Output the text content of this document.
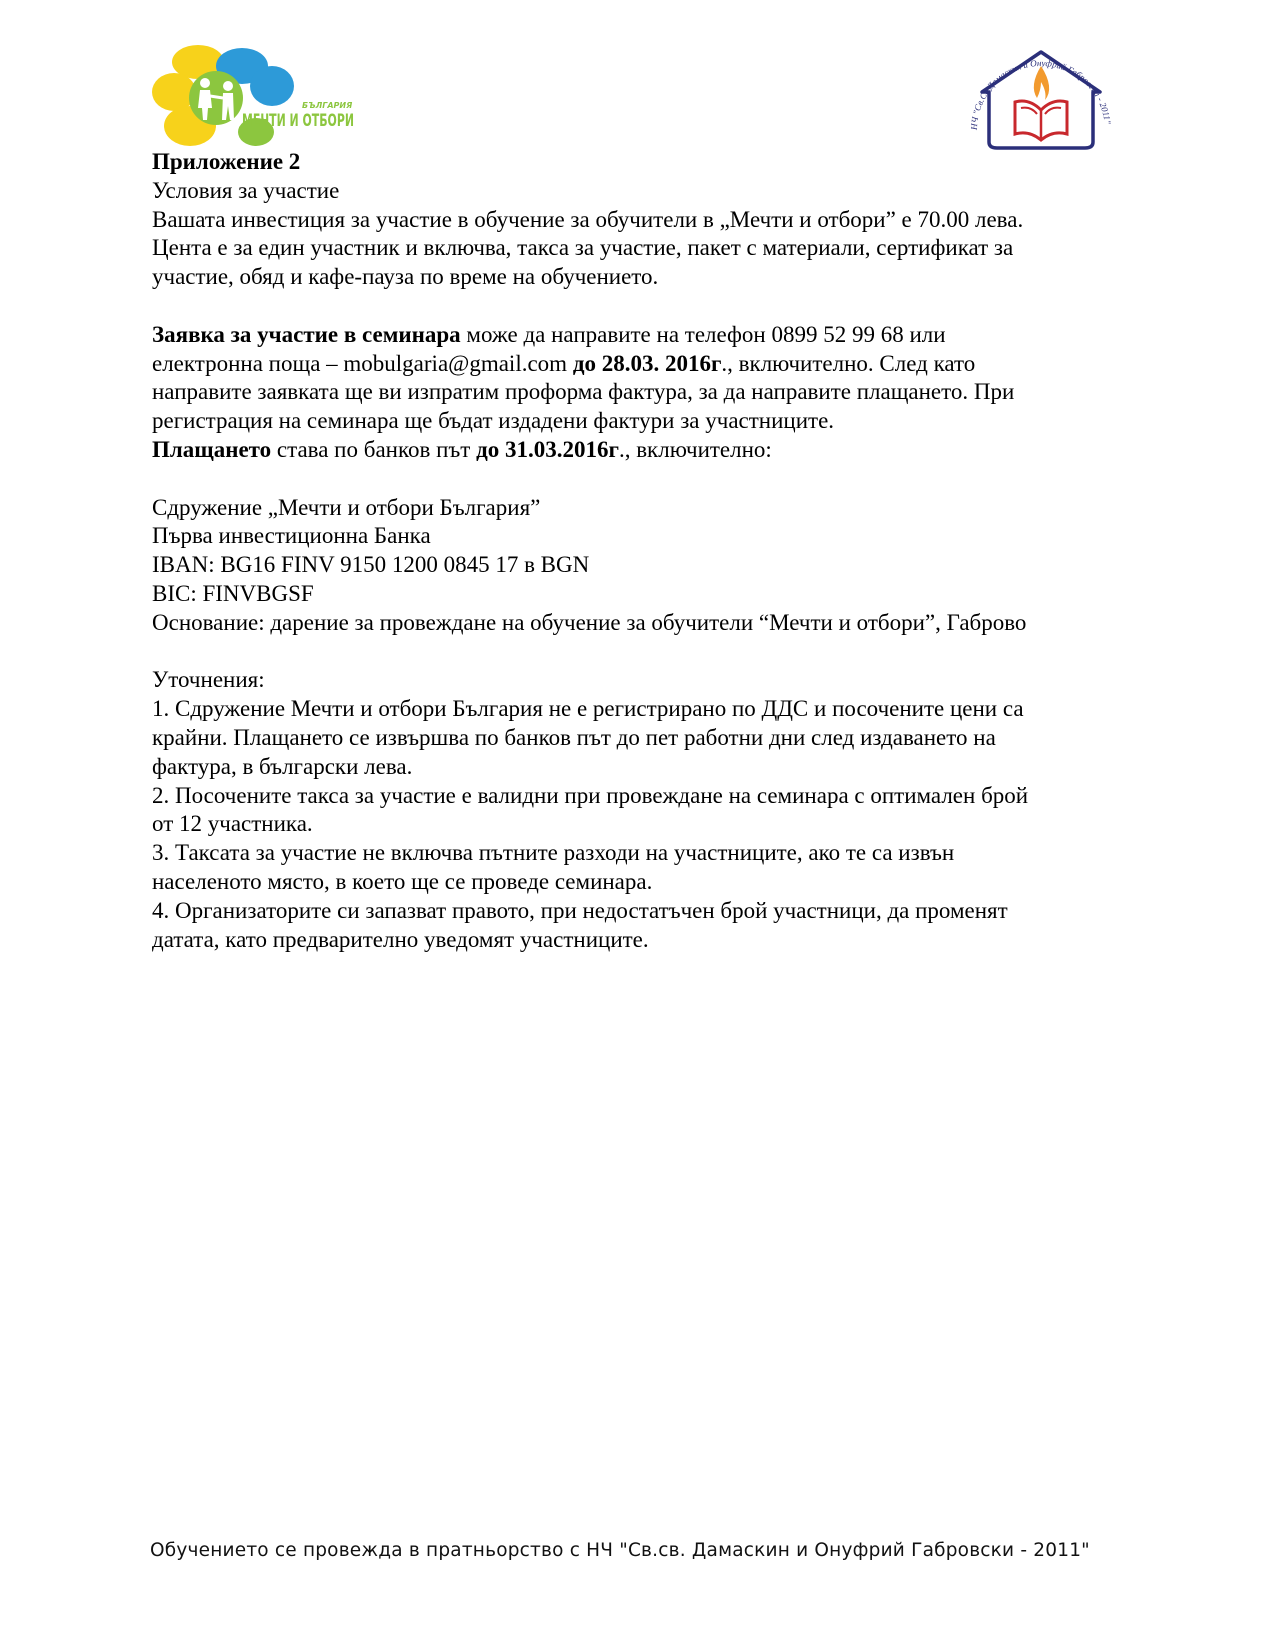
БЪЛГАРИЯ
МЕЧТИ И ОТБОРИ	НЧ "Св.Св.Дамаскин и Онуфрий Габровски - 2011"

Приложение 2

Условия за участие

Вашата инвестиция за участие в обучение за обучители в „Мечти и отбори” е 70.00 лева.

Цента е за един участник и включва, такса за участие, пакет с материали, сертификат за

участие, обяд и кафе-пауза по време на обучението.

Заявка за участие в семинара може да направите на телефон 0899 52 99 68 или

електронна поща – mobulgaria@gmail.com до 28.03. 2016г., включително. След като

направите заявката ще ви изпратим проформа фактура, за да направите плащането. При

регистрация на семинара ще бъдат издадени фактури за участниците.

Плащането става по банков път до 31.03.2016г., включително:

Сдружение „Мечти и отбори България”

Първа инвестиционна Банка

IBAN: BG16 FINV 9150 1200 0845 17 в BGN

BIC: FINVBGSF

Основание: дарение за провеждане на обучение за обучители “Мечти и отбори”, Габрово

Уточнения:

1. Сдружение Мечти и отбори България не е регистрирано по ДДС и посочените цени са

крайни. Плащането се извършва по банков път до пет работни дни след издаването на

фактура, в български лева.

2. Посочените такса за участие е валидни при провеждане на семинара с оптимален брой

от 12 участника.

3. Таксата за участие не включва пътните разходи на участниците, ако те са извън

населеното място, в което ще се проведе семинара.

4. Организаторите си запазват правото, при недостатъчен брой участници, да променят

датата, като предварително уведомят участниците.

Обучението се провежда в пратньорство с НЧ "Св.св. Дамаскин и Онуфрий Габровски - 2011"
